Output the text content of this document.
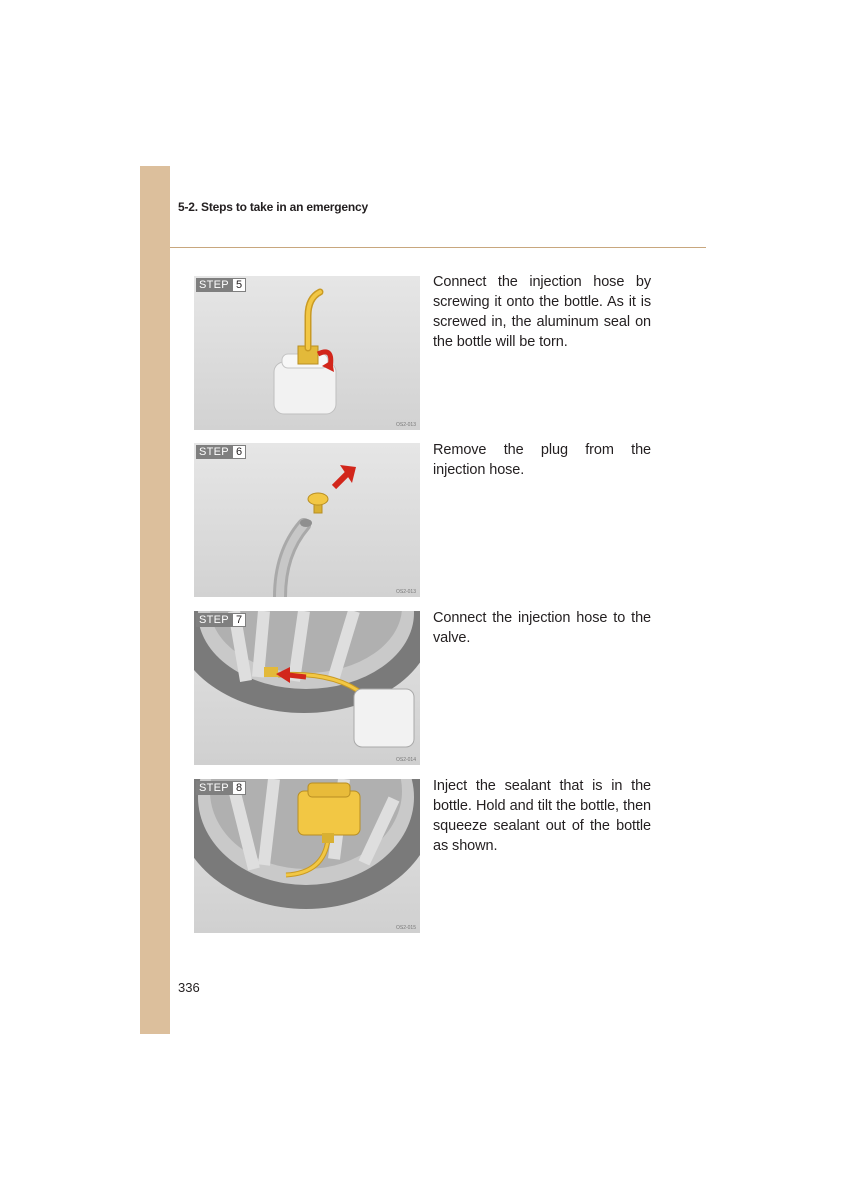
5-2. Steps to take in an emergency
STEP 5
OS2-013
Connect the injection hose by screwing it onto the bottle. As it is screwed in, the aluminum seal on the bottle will be torn.
STEP 6
OS2-013
Remove the plug from the injection hose.
STEP 7
OS2-014
Connect the injection hose to the valve.
STEP 8
OS2-015
Inject the sealant that is in the bottle. Hold and tilt the bottle, then squeeze sealant out of the bottle as shown.
336
